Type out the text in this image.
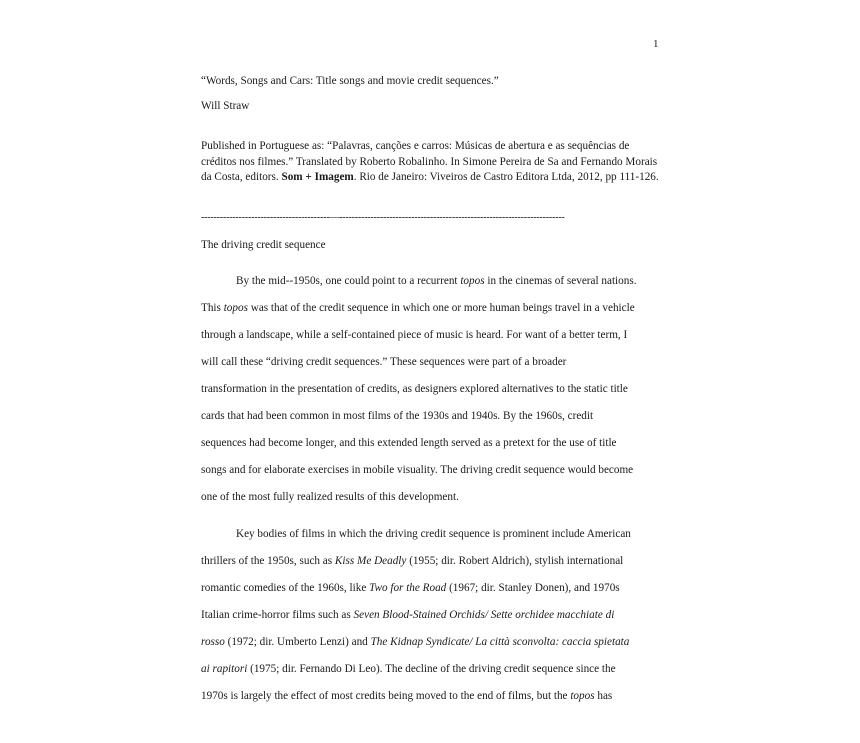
1
“Words, Songs and Cars: Title songs and movie credit sequences.”
Will Straw
Published in Portuguese as: “Palavras, canções e carros: Músicas de abertura e as sequências de créditos nos filmes.” Translated by Roberto Robalinho. In Simone Pereira de Sa and Fernando Morais da Costa, editors. Som + Imagem. Rio de Janeiro: Viveiros de Castro Editora Ltda, 2012, pp 111-126.
-----------------------------------------—------------------------------------------------------------------------
The driving credit sequence
By the mid--1950s, one could point to a recurrent topos in the cinemas of several nations.
This topos was that of the credit sequence in which one or more human beings travel in a vehicle
through a landscape, while a self-contained piece of music is heard. For want of a better term, I
will call these “driving credit sequences.” These sequences were part of a broader
transformation in the presentation of credits, as designers explored alternatives to the static title
cards that had been common in most films of the 1930s and 1940s. By the 1960s, credit
sequences had become longer, and this extended length served as a pretext for the use of title
songs and for elaborate exercises in mobile visuality. The driving credit sequence would become
one of the most fully realized results of this development.
Key bodies of films in which the driving credit sequence is prominent include American
thrillers of the 1950s, such as Kiss Me Deadly (1955; dir. Robert Aldrich), stylish international
romantic comedies of the 1960s, like Two for the Road (1967; dir. Stanley Donen), and 1970s
Italian crime-horror films such as Seven Blood-Stained Orchids/ Sette orchidee macchiate di
rosso (1972; dir. Umberto Lenzi) and The Kidnap Syndicate/ La città sconvolta: caccia spietata
ai rapitori (1975; dir. Fernando Di Leo). The decline of the driving credit sequence since the
1970s is largely the effect of most credits being moved to the end of films, but the topos has
